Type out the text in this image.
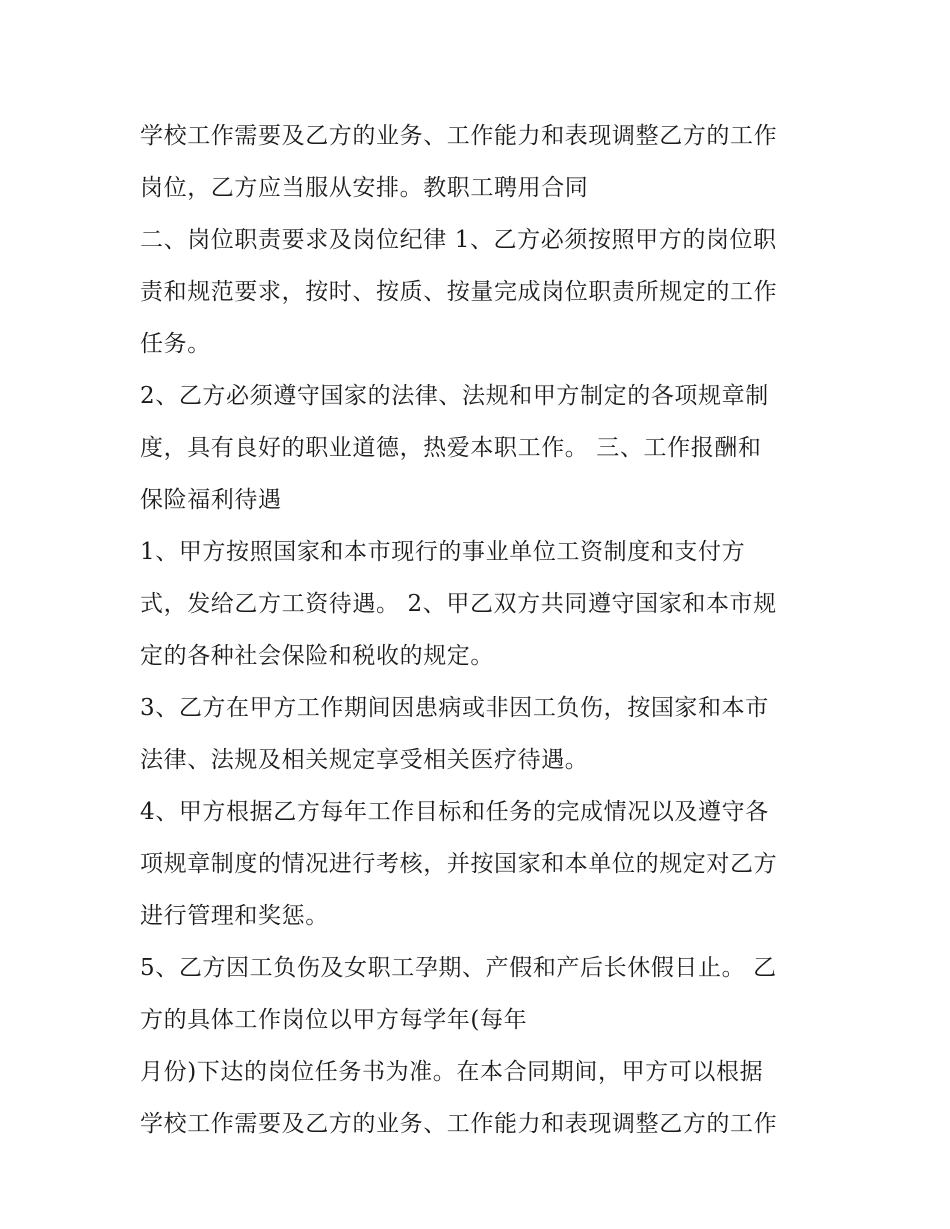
学校工作需要及乙方的业务、工作能力和表现调整乙方的工作
岗位，乙方应当服从安排。教职工聘用合同
二、岗位职责要求及岗位纪律 1、乙方必须按照甲方的岗位职
责和规范要求，按时、按质、按量完成岗位职责所规定的工作
任务。
2、乙方必须遵守国家的法律、法规和甲方制定的各项规章制
度，具有良好的职业道德，热爱本职工作。 三、工作报酬和
保险福利待遇
1、甲方按照国家和本市现行的事业单位工资制度和支付方
式，发给乙方工资待遇。 2、甲乙双方共同遵守国家和本市规
定的各种社会保险和税收的规定。
3、乙方在甲方工作期间因患病或非因工负伤，按国家和本市
法律、法规及相关规定享受相关医疗待遇。
4、甲方根据乙方每年工作目标和任务的完成情况以及遵守各
项规章制度的情况进行考核，并按国家和本单位的规定对乙方
进行管理和奖惩。
5、乙方因工负伤及女职工孕期、产假和产后长休假日止。 乙
方的具体工作岗位以甲方每学年(每年
月份)下达的岗位任务书为准。在本合同期间，甲方可以根据
学校工作需要及乙方的业务、工作能力和表现调整乙方的工作
